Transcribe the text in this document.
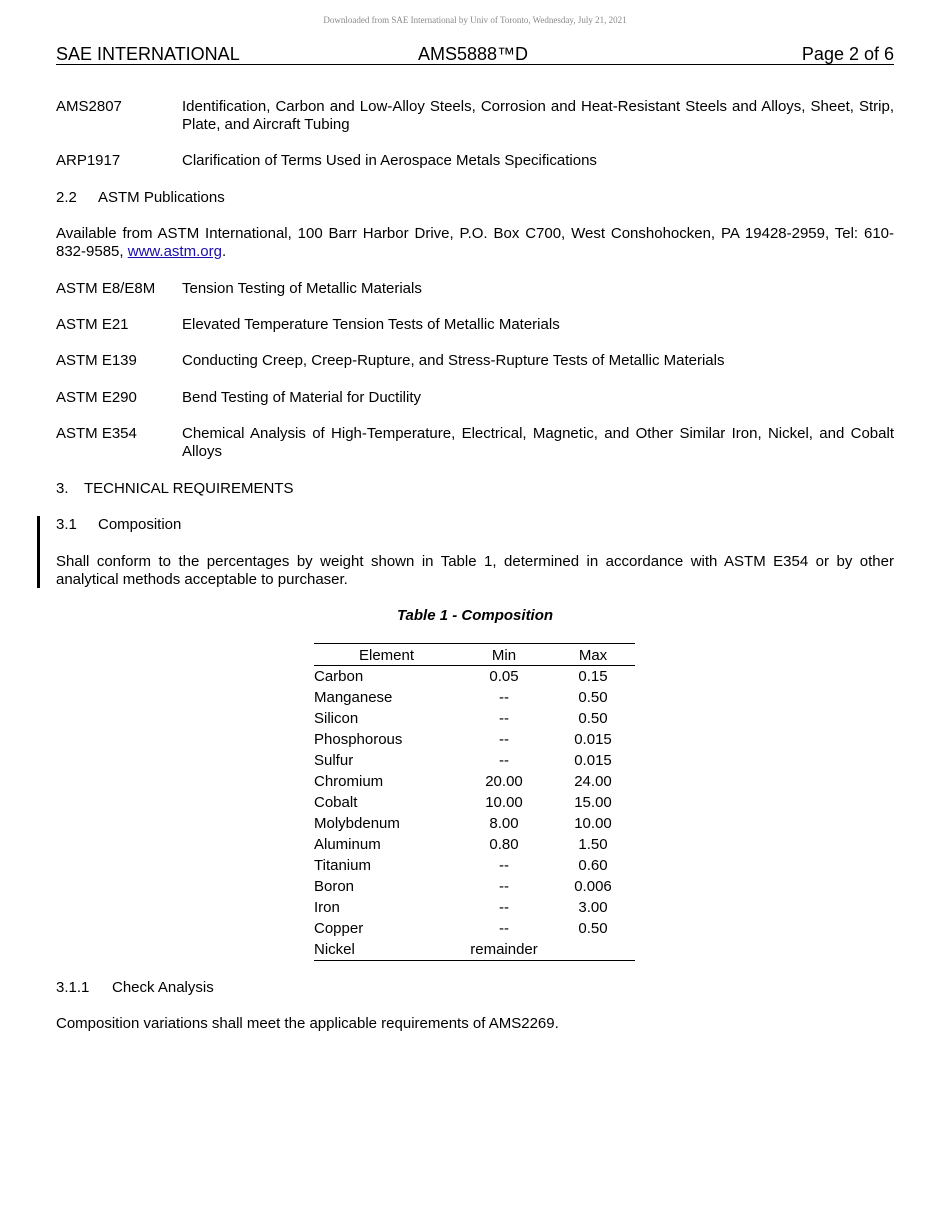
Downloaded from SAE International by Univ of Toronto, Wednesday, July 21, 2021
SAE INTERNATIONAL	AMS5888™D	Page 2 of 6
AMS2807	Identification, Carbon and Low-Alloy Steels, Corrosion and Heat-Resistant Steels and Alloys, Sheet, Strip, Plate, and Aircraft Tubing
ARP1917	Clarification of Terms Used in Aerospace Metals Specifications
2.2 ASTM Publications
Available from ASTM International, 100 Barr Harbor Drive, P.O. Box C700, West Conshohocken, PA 19428-2959, Tel: 610-832-9585, www.astm.org.
ASTM E8/E8M Tension Testing of Metallic Materials
ASTM E21	Elevated Temperature Tension Tests of Metallic Materials
ASTM E139	Conducting Creep, Creep-Rupture, and Stress-Rupture Tests of Metallic Materials
ASTM E290	Bend Testing of Material for Ductility
ASTM E354	Chemical Analysis of High-Temperature, Electrical, Magnetic, and Other Similar Iron, Nickel, and Cobalt Alloys
3. TECHNICAL REQUIREMENTS
3.1 Composition
Shall conform to the percentages by weight shown in Table 1, determined in accordance with ASTM E354 or by other analytical methods acceptable to purchaser.
Table 1 - Composition
Element	Min	Max
Carbon	0.05	0.15
Manganese	--	0.50
Silicon	--	0.50
Phosphorous	--	0.015
Sulfur	--	0.015
Chromium	20.00	24.00
Cobalt	10.00	15.00
Molybdenum	8.00	10.00
Aluminum	0.80	1.50
Titanium	--	0.60
Boron	--	0.006
Iron	--	3.00
Copper	--	0.50
Nickel	remainder
3.1.1 Check Analysis
Composition variations shall meet the applicable requirements of AMS2269.
